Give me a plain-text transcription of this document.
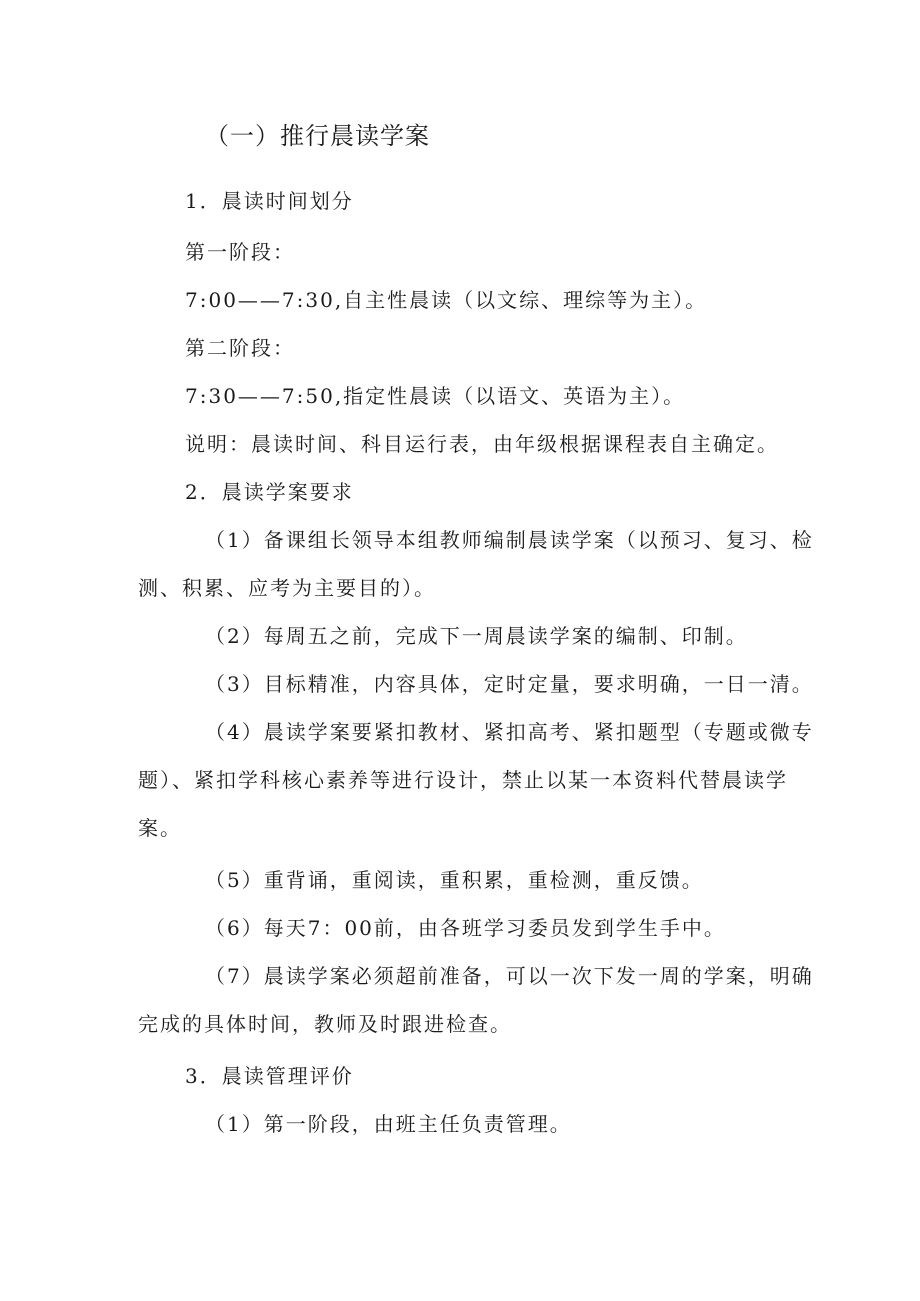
（一）推行晨读学案
1．晨读时间划分
第一阶段：
7:00——7:30,自主性晨读（以文综、理综等为主）。
第二阶段：
7:30——7:50,指定性晨读（以语文、英语为主）。
说明：晨读时间、科目运行表，由年级根据课程表自主确定。
2．晨读学案要求
（1）备课组长领导本组教师编制晨读学案（以预习、复习、检
测、积累、应考为主要目的）。
（2）每周五之前，完成下一周晨读学案的编制、印制。
（3）目标精准，内容具体，定时定量，要求明确，一日一清。
（4）晨读学案要紧扣教材、紧扣高考、紧扣题型（专题或微专
题）、紧扣学科核心素养等进行设计，禁止以某一本资料代替晨读学
案。
（5）重背诵，重阅读，重积累，重检测，重反馈。
（6）每天7：00前，由各班学习委员发到学生手中。
（7）晨读学案必须超前准备，可以一次下发一周的学案，明确
完成的具体时间，教师及时跟进检查。
3．晨读管理评价
（1）第一阶段，由班主任负责管理。
